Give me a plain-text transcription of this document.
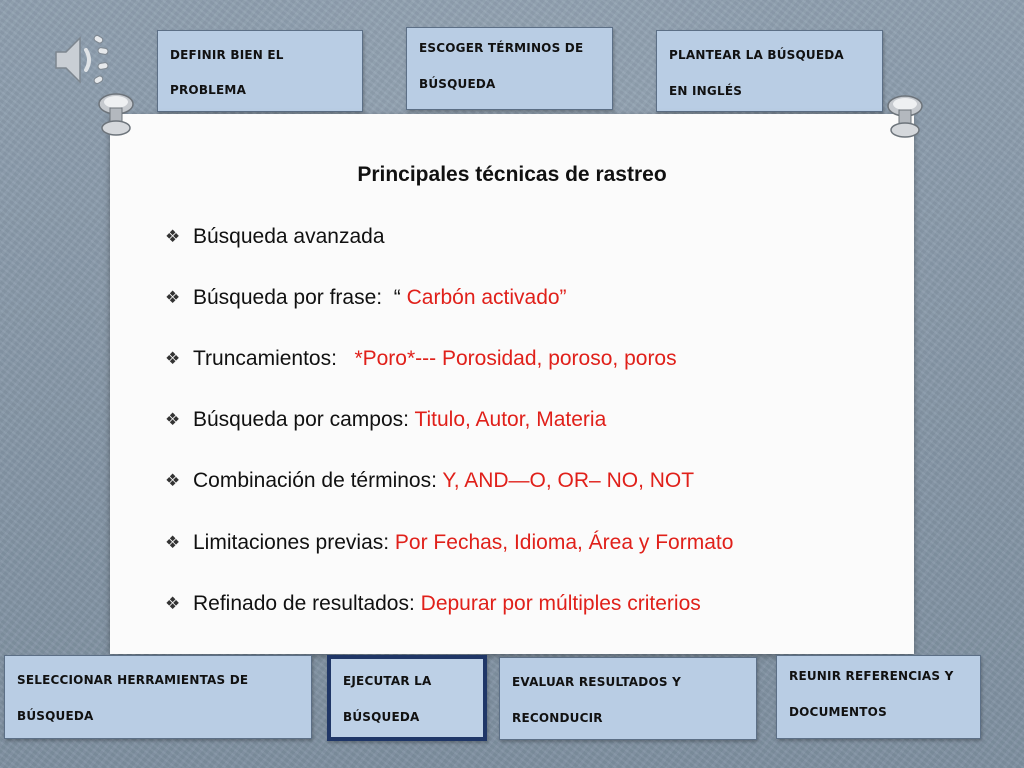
DEFINIR BIEN EL
PROBLEMA
ESCOGER TÉRMINOS DE
BÚSQUEDA
PLANTEAR LA BÚSQUEDA
EN INGLÉS
Principales técnicas de rastreo
❖ Búsqueda avanzada
❖ Búsqueda por frase:  “ Carbón activado”
❖ Truncamientos:   *Poro*--- Porosidad, poroso, poros
❖ Búsqueda por campos: Titulo, Autor, Materia
❖ Combinación de términos: Y, AND—O, OR– NO, NOT
❖ Limitaciones previas: Por Fechas, Idioma, Área y Formato
❖ Refinado de resultados: Depurar por múltiples criterios
SELECCIONAR HERRAMIENTAS DE
BÚSQUEDA
EJECUTAR LA
BÚSQUEDA
EVALUAR RESULTADOS Y
RECONDUCIR
REUNIR REFERENCIAS Y
DOCUMENTOS
